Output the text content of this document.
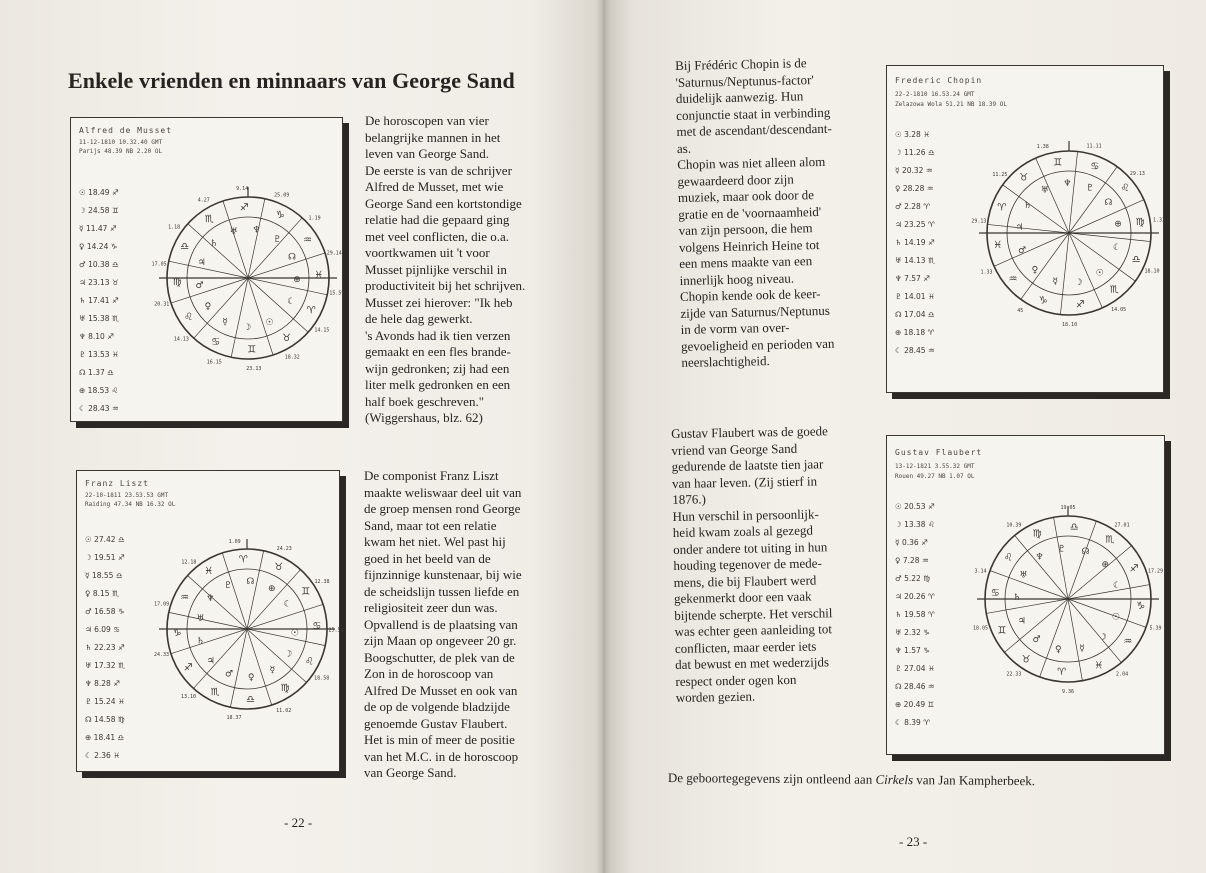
Enkele vrienden en minnaars van George Sand
Alfred de Musset
11-12-1810 10.32.40 GMT
Parijs 48.39 NB 2.20 OL
☉ 18.49 ♐
☽ 24.58 ♊
☿ 11.47 ♐
♀ 14.24 ♑
♂ 10.38 ♎
♃ 23.13 ♉
♄ 17.41 ♐
♅ 15.38 ♏
♆ 8.10 ♐
♇ 13.53 ♓
☊ 1.37 ♎
⊕ 18.53 ♌
☾ 28.43 ♒
♈
♉
♊
♋
♌
♍
♎
♏
♐
♑
♒
♓
☉
☽
☿
♀
♂
♃
♄
♅ ♆
♇
☊
⊕
☾
25.09
1.19
29.14
15.59
14.15
18.32
23.13
16.15
14.13
20.31
17.05
1.18
4.27
9.14
Franz Liszt
22-10-1811 23.53.53 GMT
Raiding 47.34 NB 16.32 OL
☉ 27.42 ♎
☽ 19.51 ♐
☿ 18.55 ♎
♀ 8.15 ♏
♂ 16.58 ♑
♃ 6.09 ♋
♄ 22.23 ♐
♅ 17.32 ♏
♆ 8.28 ♐
♇ 15.24 ♓
☊ 14.58 ♍
⊕ 18.41 ♎
☾ 2.36 ♓
♋
♌
♍
♎
♏
♐
♑
♒
♓
♈
♉
♊
☉
☽
☿
♀
♂
♃
♄
♅
♆
♇ ☊
⊕
☾
1.09
24.23
12.38
25.50
18.58
11.02
18.37
13.10
24.33
17.09
12.18
De horoscopen van vier
belangrijke mannen in het
leven van George Sand.
De eerste is van de schrijver
Alfred de Musset, met wie
George Sand een kortstondige
relatie had die gepaard ging
met veel conflicten, die o.a.
voortkwamen uit 't voor
Musset pijnlijke verschil in
productiviteit bij het schrijven.
Musset zei hierover: "Ik heb
de hele dag gewerkt.
's Avonds had ik tien verzen
gemaakt en een fles brande-
wijn gedronken; zij had een
liter melk gedronken en een
half boek geschreven."
(Wiggershaus, blz. 62)
De componist Franz Liszt
maakte weliswaar deel uit van
de groep mensen rond George
Sand, maar tot een relatie
kwam het niet. Wel past hij
goed in het beeld van de
fijnzinnige kunstenaar, bij wie
de scheidslijn tussen liefde en
religiositeit zeer dun was.
Opvallend is de plaatsing van
zijn Maan op ongeveer 20 gr.
Boogschutter, de plek van de
Zon in de horoscoop van
Alfred De Musset en ook van
de op de volgende bladzijde
genoemde Gustav Flaubert.
Het is min of meer de positie
van het M.C. in de horoscoop
van George Sand.
- 22 -
Frederic Chopin
22-2-1810 16.53.24 GMT
Zelazowa Wola 51.21 NB 18.39 OL
☉ 3.28 ♓
☽ 11.26 ♎
☿ 20.32 ♒
♀ 28.28 ♒
♂ 2.28 ♈
♃ 23.25 ♈
♄ 14.19 ♐
♅ 14.13 ♏
♆ 7.57 ♐
♇ 14.01 ♓
☊ 17.04 ♎
⊕ 18.18 ♈
☾ 28.45 ♒
♎
♏
♐
♑
♒
♓
♈
♉
♊	♋
♌
♍
☉
☽
☿
♀
♂
♃
♄
♅
♆ ♇
☊
⊕
☾
11.11
29.13
1.33
18.10
14.05
18.10
45
1.33
29.13
11.25
1.38
Gustav Flaubert
13-12-1821 3.55.32 GMT
Rouen 49.27 NB 1.07 OL
☉ 20.53 ♐
☽ 13.38 ♌
☿ 0.36 ♐
♀ 7.28 ♒
♂ 5.22 ♍
♃ 20.26 ♈
♄ 19.58 ♈
♅ 2.32 ♑
♆ 1.57 ♑
♇ 27.04 ♓
☊ 28.46 ♒
⊕ 20.49 ♊
☾ 8.39 ♈
♑
♒
♓
♈
♉
♊
♋
♌
♍
♎
♏
♐
☉
☽
☿
♀
♂
♃
♄
♅
♆
♇ ☊
⊕
☾
19.05
27.01
17.29
5.39
2.04
9.36
22.33
18.05
3.14
10.39
Bij Frédéric Chopin is de
'Saturnus/Neptunus-factor'
duidelijk aanwezig. Hun
conjunctie staat in verbinding
met de ascendant/descendant-
as.
Chopin was niet alleen alom
gewaardeerd door zijn
muziek, maar ook door de
gratie en de 'voornaamheid'
van zijn persoon, die hem
volgens Heinrich Heine tot
een mens maakte van een
innerlijk hoog niveau.
Chopin kende ook de keer-
zijde van Saturnus/Neptunus
in de vorm van over-
gevoeligheid en perioden van
neerslachtigheid.
Gustav Flaubert was de goede
vriend van George Sand
gedurende de laatste tien jaar
van haar leven. (Zij stierf in
1876.)
Hun verschil in persoonlijk-
heid kwam zoals al gezegd
onder andere tot uiting in hun
houding tegenover de mede-
mens, die bij Flaubert werd
gekenmerkt door een vaak
bijtende scherpte. Het verschil
was echter geen aanleiding tot
conflicten, maar eerder iets
dat bewust en met wederzijds
respect onder ogen kon
worden gezien.
- 23 -
De geboortegegevens zijn ontleend aan Cirkels van Jan Kampherbeek.
